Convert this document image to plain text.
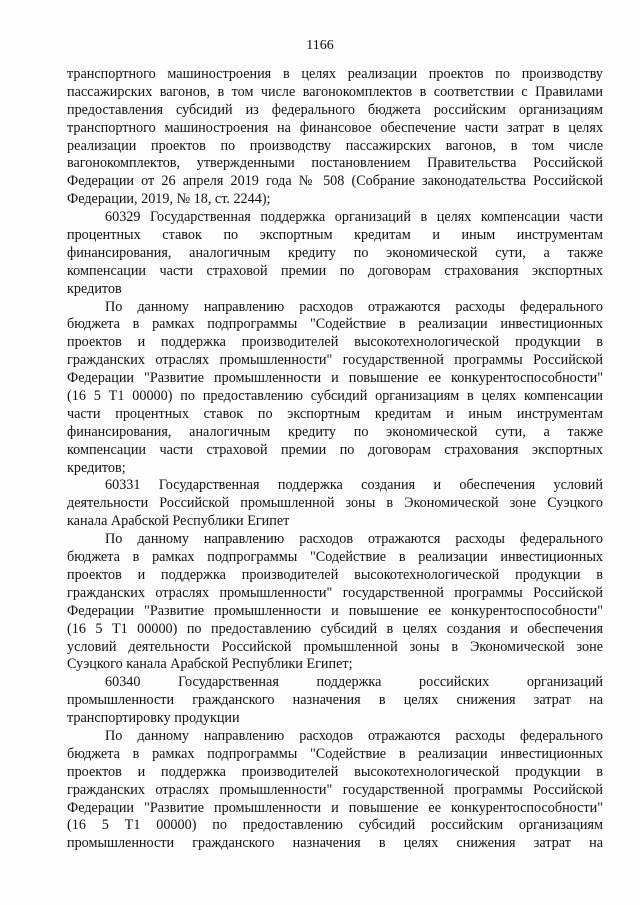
1166
транспортного машиностроения в целях реализации проектов по производству
пассажирских вагонов, в том числе вагонокомплектов в соответствии с Правилами
предоставления субсидий из федерального бюджета российским организациям
транспортного машиностроения на финансовое обеспечение части затрат в целях
реализации проектов по производству пассажирских вагонов, в том числе
вагонокомплектов, утвержденными постановлением Правительства Российской
Федерации от 26 апреля 2019 года № 508 (Собрание законодательства Российской
Федерации, 2019, № 18, ст. 2244);
60329 Государственная поддержка организаций в целях компенсации части
процентных ставок по экспортным кредитам и иным инструментам
финансирования, аналогичным кредиту по экономической сути, а также
компенсации части страховой премии по договорам страхования экспортных
кредитов
По данному направлению расходов отражаются расходы федерального
бюджета в рамках подпрограммы "Содействие в реализации инвестиционных
проектов и поддержка производителей высокотехнологической продукции в
гражданских отраслях промышленности" государственной программы Российской
Федерации "Развитие промышленности и повышение ее конкурентоспособности"
(16 5 Т1 00000) по предоставлению субсидий организациям в целях компенсации
части процентных ставок по экспортным кредитам и иным инструментам
финансирования, аналогичным кредиту по экономической сути, а также
компенсации части страховой премии по договорам страхования экспортных
кредитов;
60331 Государственная поддержка создания и обеспечения условий
деятельности Российской промышленной зоны в Экономической зоне Суэцкого
канала Арабской Республики Египет
По данному направлению расходов отражаются расходы федерального
бюджета в рамках подпрограммы "Содействие в реализации инвестиционных
проектов и поддержка производителей высокотехнологической продукции в
гражданских отраслях промышленности" государственной программы Российской
Федерации "Развитие промышленности и повышение ее конкурентоспособности"
(16 5 Т1 00000) по предоставлению субсидий в целях создания и обеспечения
условий деятельности Российской промышленной зоны в Экономической зоне
Суэцкого канала Арабской Республики Египет;
60340 Государственная поддержка российских организаций
промышленности гражданского назначения в целях снижения затрат на
транспортировку продукции
По данному направлению расходов отражаются расходы федерального
бюджета в рамках подпрограммы "Содействие в реализации инвестиционных
проектов и поддержка производителей высокотехнологической продукции в
гражданских отраслях промышленности" государственной программы Российской
Федерации "Развитие промышленности и повышение ее конкурентоспособности"
(16 5 Т1 00000) по предоставлению субсидий российским организациям
промышленности гражданского назначения в целях снижения затрат на
